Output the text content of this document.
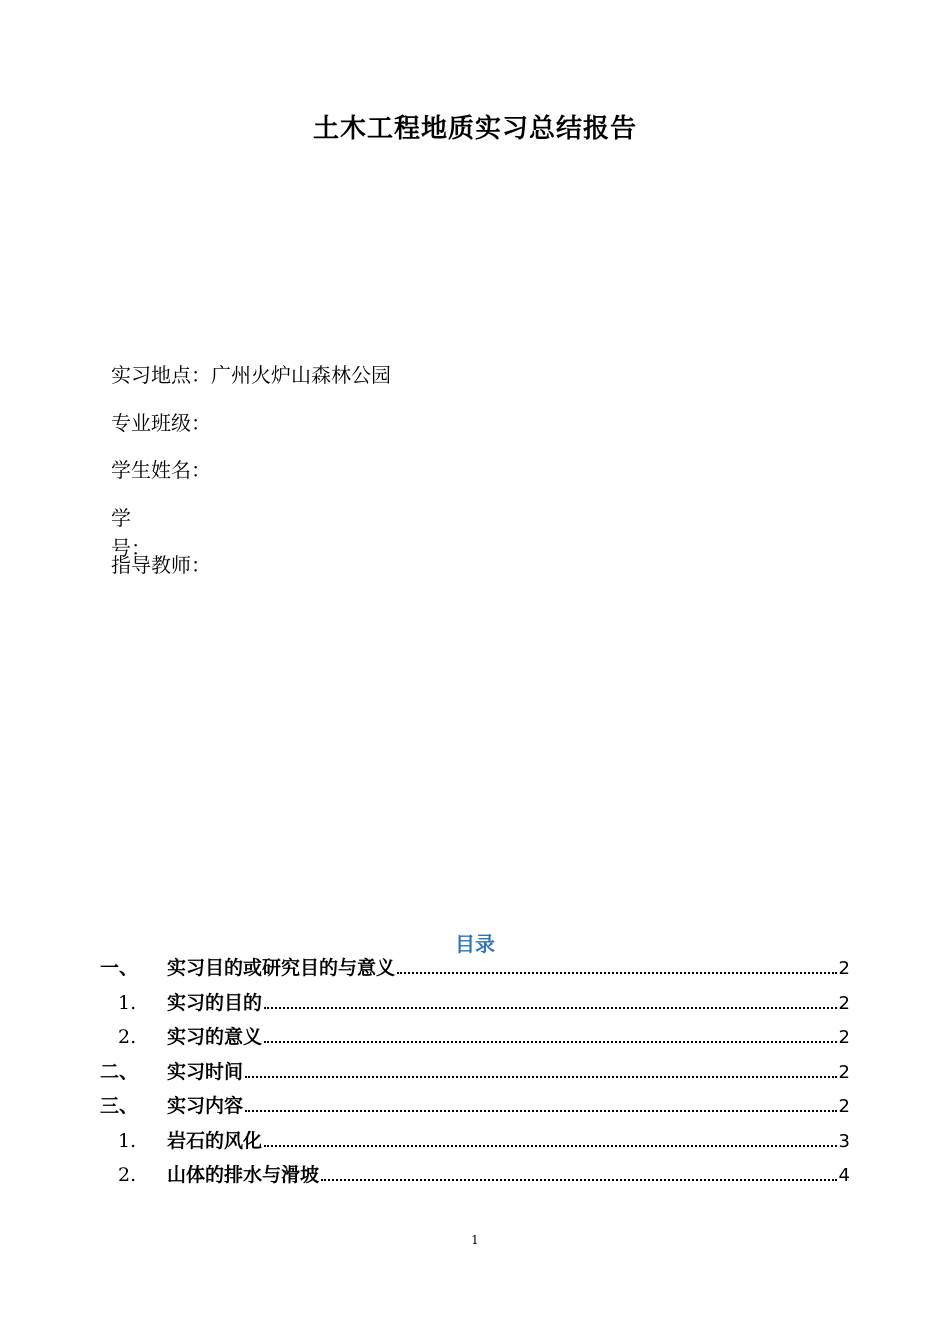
土木工程地质实习总结报告
实习地点：广州火炉山森林公园
专业班级：
学生姓名：
学号：
指导教师：
目录
一、	实习目的或研究目的与意义	2
1.	实习的目的	2
2.	实习的意义	2
二、	实习时间	2
三、	实习内容	2
1.	岩石的风化	3
2.	山体的排水与滑坡	4
1
